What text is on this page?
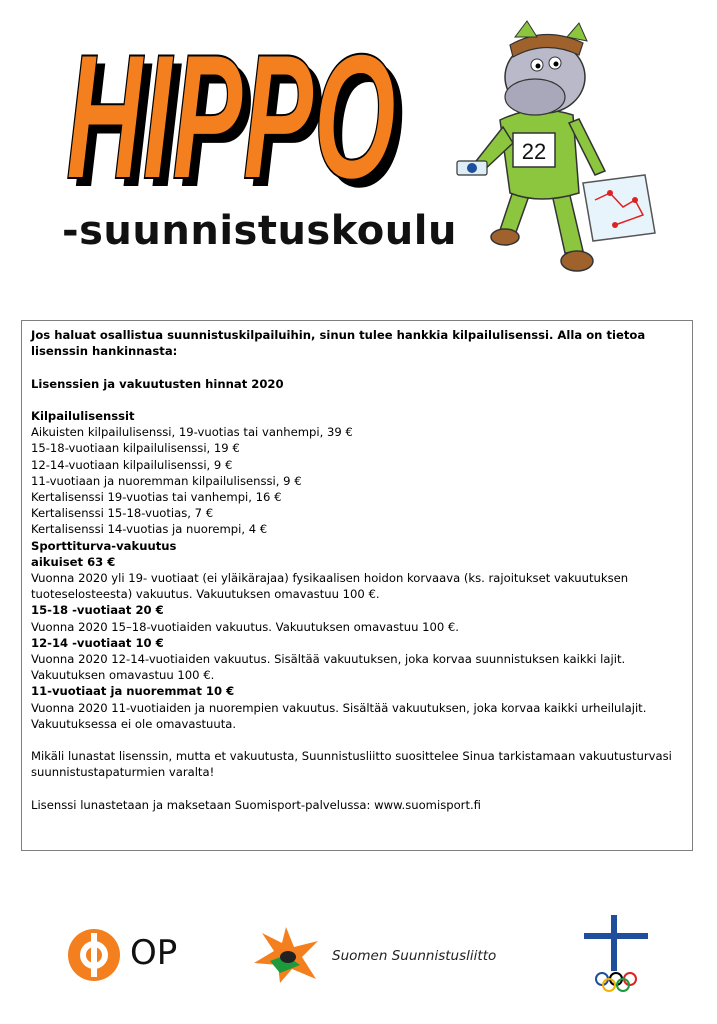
HIPPO
HIPPO
-suunnistuskoulu
22

Jos haluat osallistua suunnistuskilpailuihin, sinun tulee hankkia kilpailulisenssi. Alla on tietoa lisenssin hankinnasta:

Lisenssien ja vakuutusten hinnat 2020

Kilpailulisenssit

Aikuisten kilpailulisenssi, 19-vuotias tai vanhempi, 39 €

15-18-vuotiaan kilpailulisenssi, 19 €

12-14-vuotiaan kilpailulisenssi, 9 €

11-vuotiaan ja nuoremman kilpailulisenssi, 9 €

Kertalisenssi 19-vuotias tai vanhempi, 16 €

Kertalisenssi 15-18-vuotias, 7 €

Kertalisenssi 14-vuotias ja nuorempi, 4 €

Sporttiturva-vakuutus

aikuiset 63 €

Vuonna 2020 yli 19- vuotiaat (ei yläikärajaa) fysikaalisen hoidon korvaava (ks. rajoitukset vakuutuksen tuoteselosteesta) vakuutus. Vakuutuksen omavastuu 100 €.

15-18 -vuotiaat 20 €

Vuonna 2020 15–18-vuotiaiden vakuutus. Vakuutuksen omavastuu 100 €.

12-14 -vuotiaat 10 €

Vuonna 2020 12-14-vuotiaiden vakuutus. Sisältää vakuutuksen, joka korvaa suunnistuksen kaikki lajit. Vakuutuksen omavastuu 100 €.

11-vuotiaat ja nuoremmat 10 €

Vuonna 2020 11-vuotiaiden ja nuorempien vakuutus. Sisältää vakuutuksen, joka korvaa kaikki urheilulajit. Vakuutuksessa ei ole omavastuuta.

Mikäli lunastat lisenssin, mutta et vakuutusta, Suunnistusliitto suosittelee Sinua tarkistamaan vakuutusturvasi suunnistustapaturmien varalta!

Lisenssi lunastetaan ja maksetaan Suomisport-palvelussa: www.suomisport.fi

OP	Suomen Suunnistusliitto
